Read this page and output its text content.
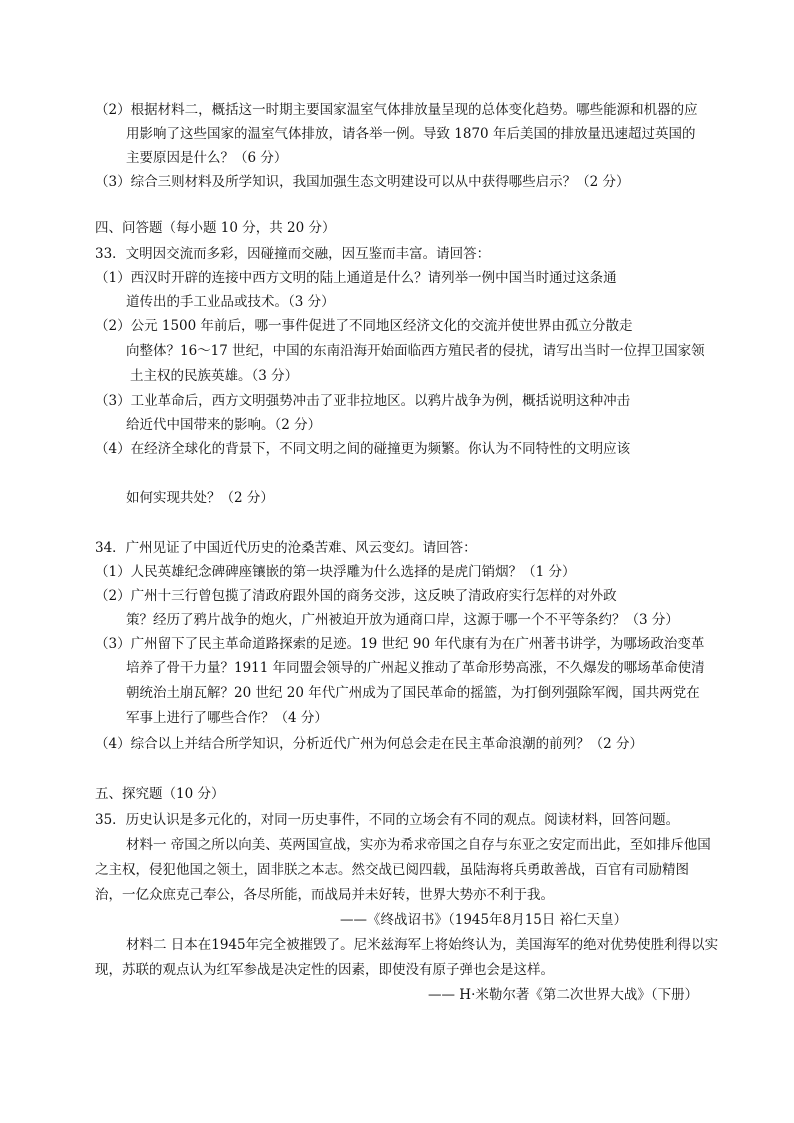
（2）根据材料二，概括这一时期主要国家温室气体排放量呈现的总体变化趋势。哪些能源和机器的应
用影响了这些国家的温室气体排放，请各举一例。导致 1870 年后美国的排放量迅速超过英国的
主要原因是什么？（6 分）
（3）综合三则材料及所学知识，我国加强生态文明建设可以从中获得哪些启示？（2 分）
四、问答题（每小题 10 分，共 20 分）
33．文明因交流而多彩，因碰撞而交融，因互鉴而丰富。请回答：
（1）西汉时开辟的连接中西方文明的陆上通道是什么？请列举一例中国当时通过这条通
道传出的手工业品或技术。（3 分）
（2）公元 1500 年前后，哪一事件促进了不同地区经济文化的交流并使世界由孤立分散走
向整体？16～17 世纪，中国的东南沿海开始面临西方殖民者的侵扰，请写出当时一位捍卫国家领
土主权的民族英雄。（3 分）
（3）工业革命后，西方文明强势冲击了亚非拉地区。以鸦片战争为例，概括说明这种冲击
给近代中国带来的影响。（2 分）
（4）在经济全球化的背景下，不同文明之间的碰撞更为频繁。你认为不同特性的文明应该
如何实现共处？（2 分）
34．广州见证了中国近代历史的沧桑苦难、风云变幻。请回答：
（1）人民英雄纪念碑碑座镶嵌的第一块浮雕为什么选择的是虎门销烟？（1 分）
（2）广州十三行曾包揽了清政府跟外国的商务交涉，这反映了清政府实行怎样的对外政
策？经历了鸦片战争的炮火，广州被迫开放为通商口岸，这源于哪一个不平等条约？（3 分）
（3）广州留下了民主革命道路探索的足迹。19 世纪 90 年代康有为在广州著书讲学，为哪场政治变革
培养了骨干力量？1911 年同盟会领导的广州起义推动了革命形势高涨，不久爆发的哪场革命使清
朝统治土崩瓦解？20 世纪 20 年代广州成为了国民革命的摇篮，为打倒列强除军阀，国共两党在
军事上进行了哪些合作？（4 分）
（4）综合以上并结合所学知识，分析近代广州为何总会走在民主革命浪潮的前列？（2 分）
五、探究题（10 分）
35．历史认识是多元化的，对同一历史事件，不同的立场会有不同的观点。阅读材料，回答问题。
材料一 帝国之所以向美、英两国宣战，实亦为希求帝国之自存与东亚之安定而出此，至如排斥他国
之主权，侵犯他国之领土，固非朕之本志。然交战已阅四载，虽陆海将兵勇敢善战，百官有司励精图
治，一亿众庶克己奉公，各尽所能，而战局并未好转，世界大势亦不利于我。
——《终战诏书》（1945年8月15日 裕仁天皇）
材料二 日本在1945年完全被摧毁了。尼米兹海军上将始终认为，美国海军的绝对优势使胜利得以实
现，苏联的观点认为红军参战是决定性的因素，即使没有原子弹也会是这样。
—— H·米勒尔著《第二次世界大战》（下册）
